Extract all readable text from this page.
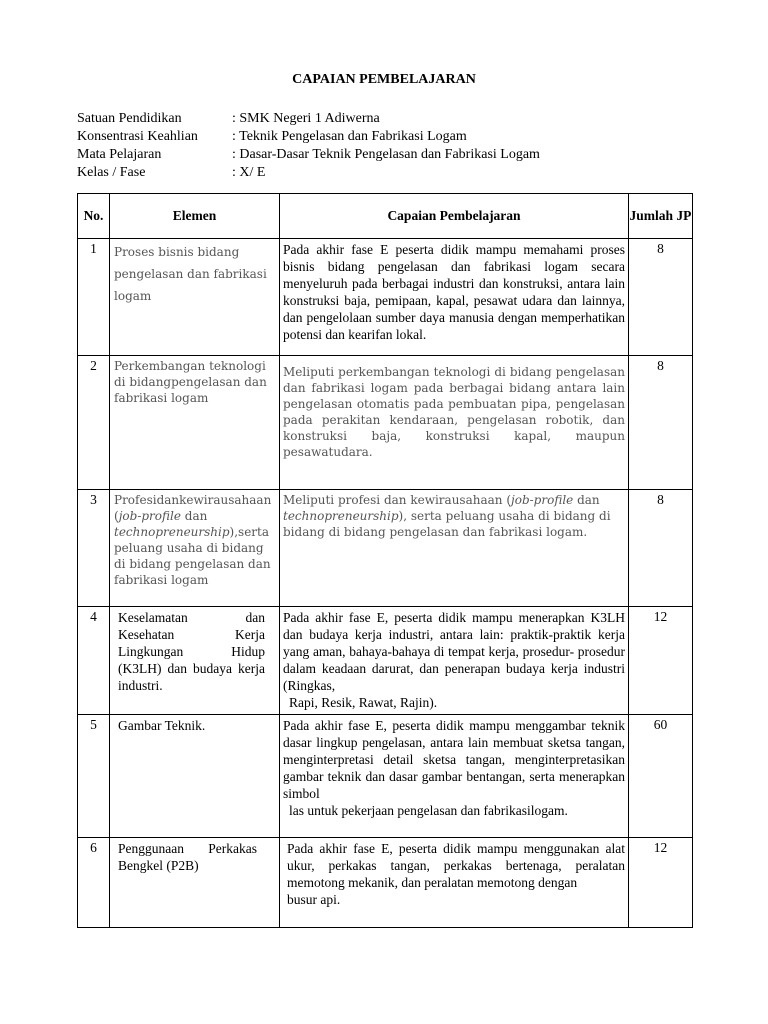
CAPAIAN PEMBELAJARAN
Satuan Pendidikan	: SMK Negeri 1 Adiwerna
Konsentrasi Keahlian	: Teknik Pengelasan dan Fabrikasi Logam
Mata Pelajaran	: Dasar-Dasar Teknik Pengelasan dan Fabrikasi Logam
Kelas / Fase	: X/ E
No.	Elemen	Capaian Pembelajaran	Jumlah JP
1	Proses bisnis bidang pengelasan dan fabrikasi logam	Pada akhir fase E peserta didik mampu memahami proses bisnis bidang pengelasan dan fabrikasi logam secara menyeluruh pada berbagai industri dan konstruksi, antara lain konstruksi baja, pemipaan, kapal, pesawat udara dan lainnya, dan pengelolaan sumber daya manusia dengan memperhatikan potensi dan kearifan lokal.	8
2	Perkembangan teknologi di bidangpengelasan dan fabrikasi logam	Meliputi perkembangan teknologi di bidang pengelasan dan fabrikasi logam pada berbagai bidang antara lain pengelasan otomatis pada pembuatan pipa, pengelasan pada perakitan kendaraan, pengelasan robotik, dan konstruksi baja, konstruksi kapal, maupun pesawatudara.	8
3	Profesidankewirausahaan (job-profile dan technopreneurship),serta peluang usaha di bidang di bidang pengelasan dan fabrikasi logam	Meliputi profesi dan kewirausahaan (job-profile dan technopreneurship), serta peluang usaha di bidang di bidang di bidang pengelasan dan fabrikasi logam.	8
4	Keselamatan dan Kesehatan Kerja Lingkungan Hidup (K3LH) dan budaya kerja industri.	Pada akhir fase E, peserta didik mampu menerapkan K3LH dan budaya kerja industri, antara lain: praktik-praktik kerja yang aman, bahaya-bahaya di tempat kerja, prosedur- prosedur dalam keadaan darurat, dan penerapan budaya kerja industri (Ringkas,
Rapi, Resik, Rawat, Rajin).	12
5	Gambar Teknik.	Pada akhir fase E, peserta didik mampu menggambar teknik dasar lingkup pengelasan, antara lain membuat sketsa tangan, menginterpretasi detail sketsa tangan, menginterpretasikan gambar teknik dan dasar gambar bentangan, serta menerapkan simbol
las untuk pekerjaan pengelasan dan fabrikasilogam.	60
6	Penggunaan Perkakas Bengkel (P2B)	Pada akhir fase E, peserta didik mampu menggunakan alat ukur, perkakas tangan, perkakas bertenaga, peralatan memotong mekanik, dan peralatan memotong dengan
busur api.	12
